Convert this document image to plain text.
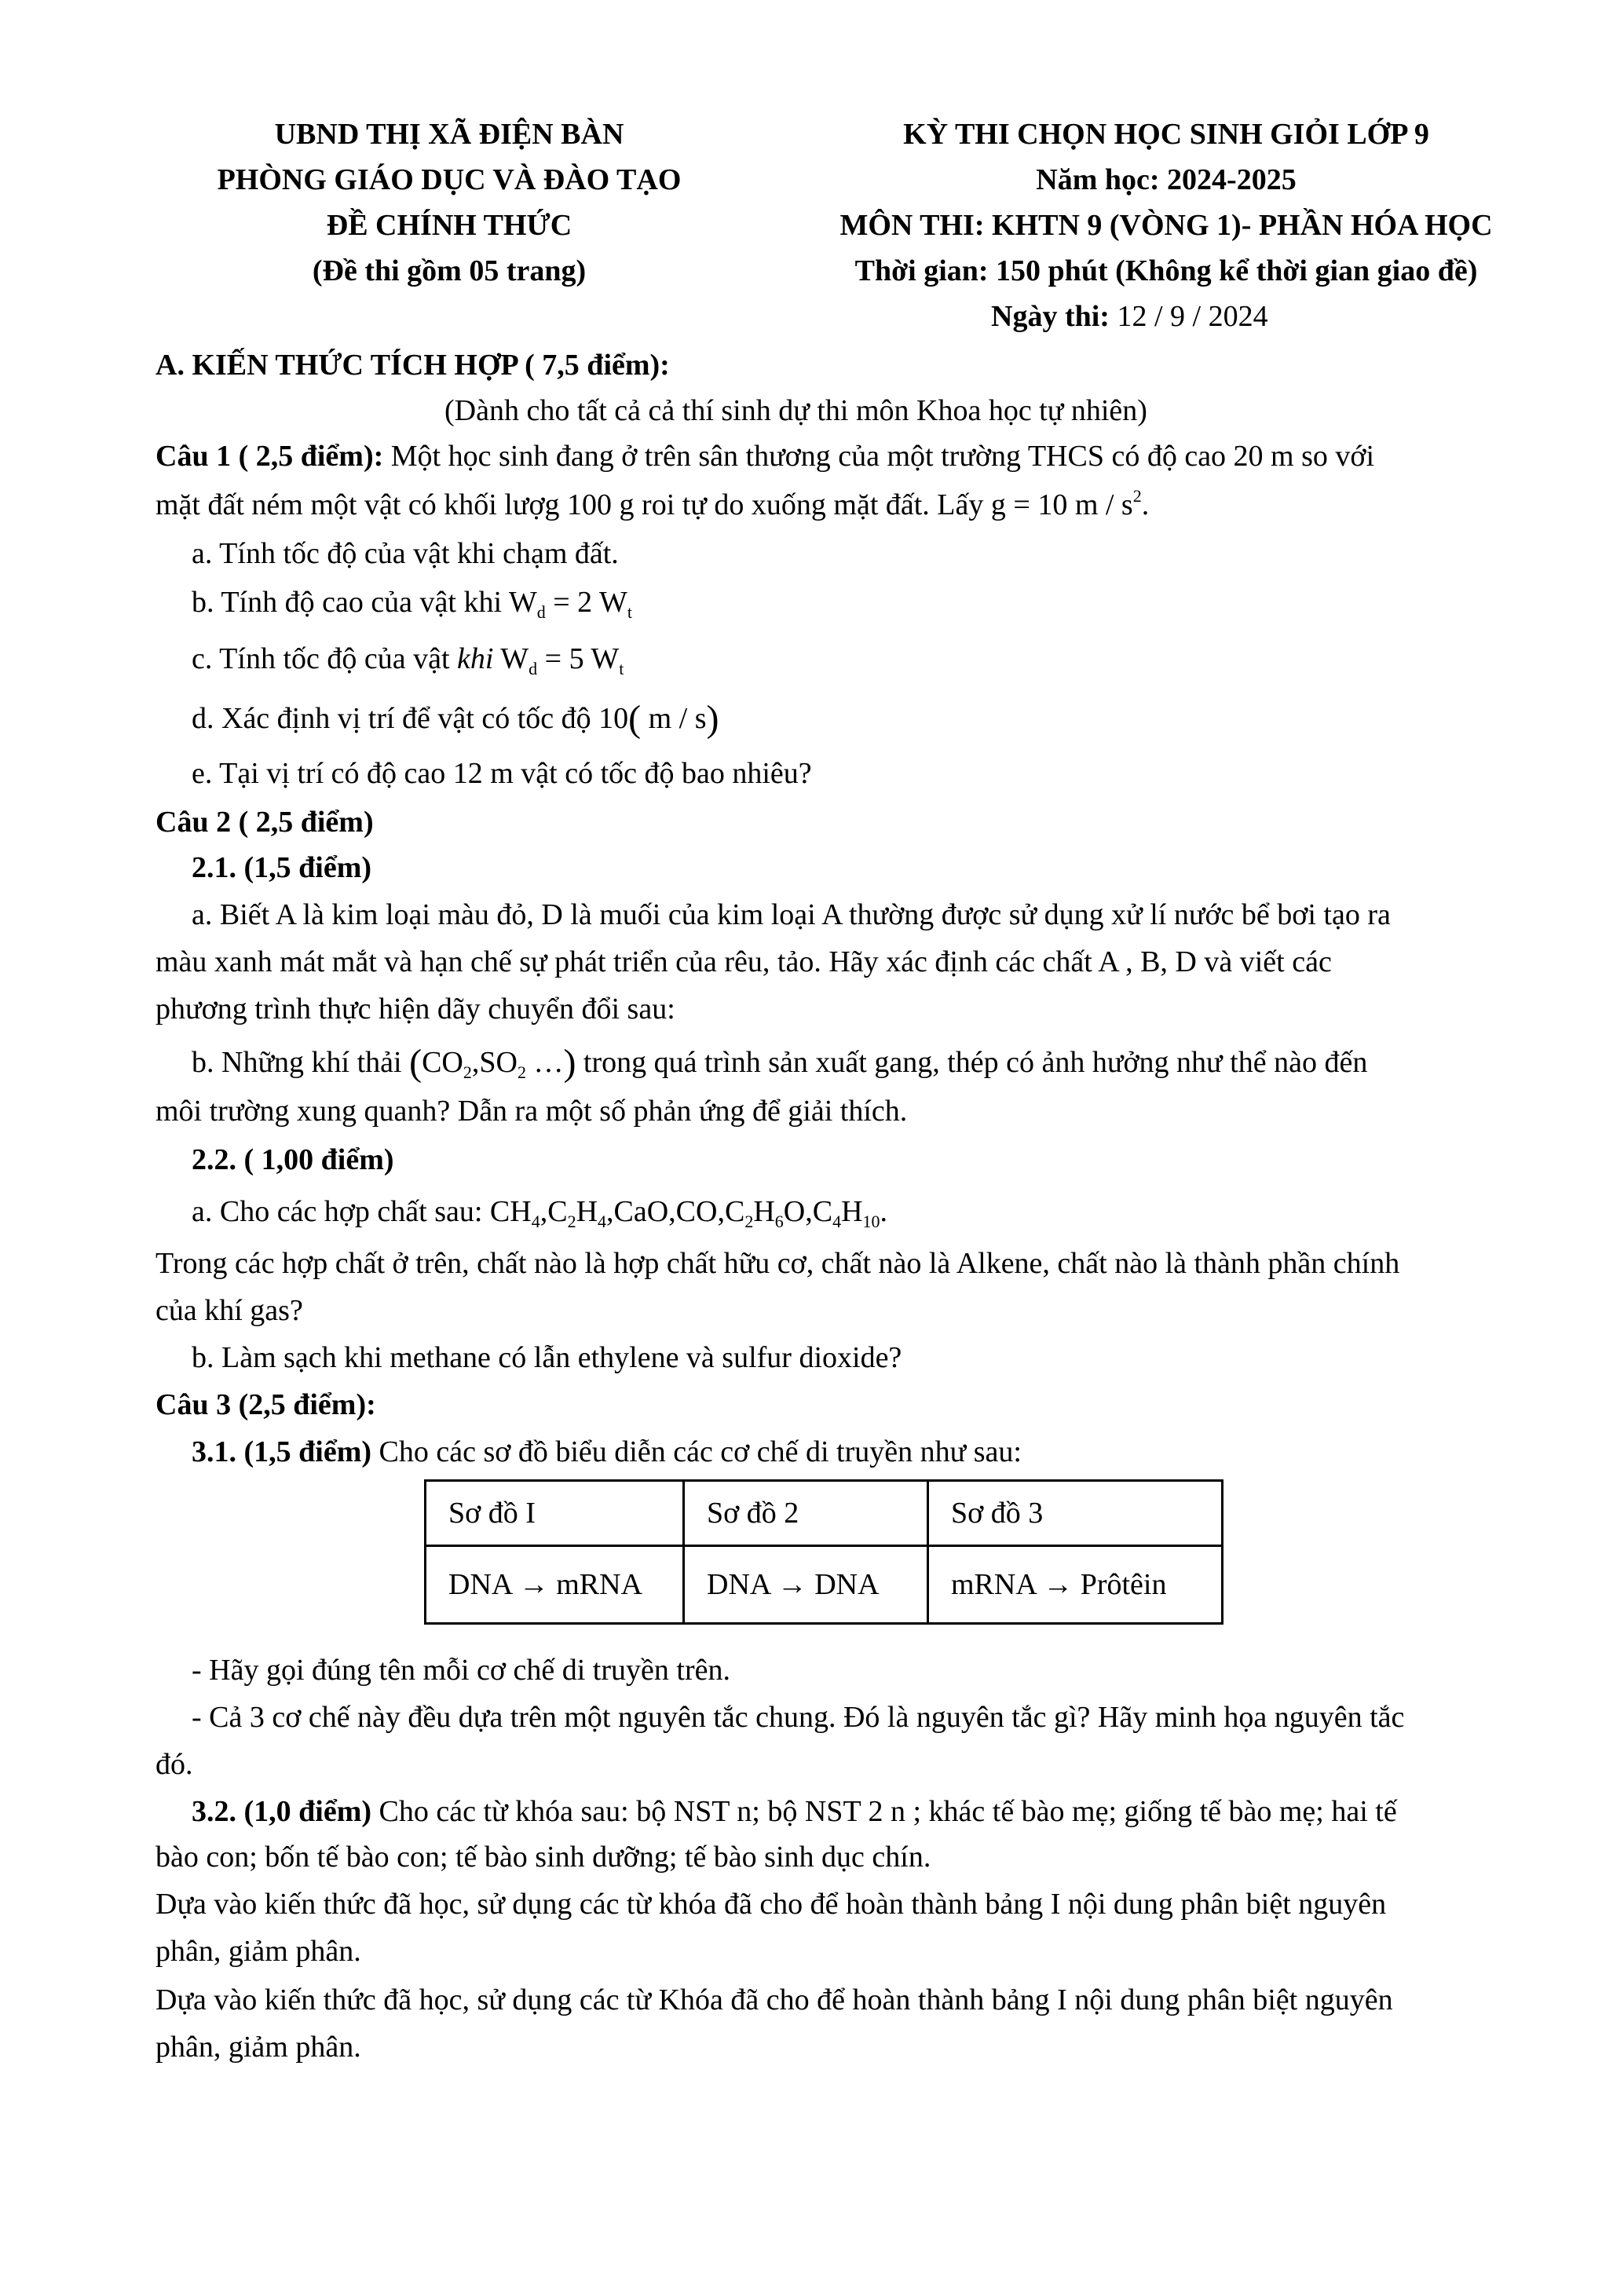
UBND THỊ XÃ ĐIỆN BÀN
PHÒNG GIÁO DỤC VÀ ĐÀO TẠO
ĐỀ CHÍNH THỨC
(Đề thi gồm 05 trang)
KỲ THI CHỌN HỌC SINH GIỎI LỚP 9
Năm học: 2024-2025
MÔN THI: KHTN 9 (VÒNG 1)- PHẦN HÓA HỌC
Thời gian: 150 phút (Không kể thời gian giao đề)
Ngày thi: 12 / 9 / 2024
A. KIẾN THỨC TÍCH HỢP ( 7,5 điểm):
(Dành cho tất cả cả thí sinh dự thi môn Khoa học tự nhiên)
Câu 1 ( 2,5 điểm): Một học sinh đang ở trên sân thương của một trường THCS có độ cao 20 m so với
mặt đất ném một vật có khối lượg 100 g roi tự do xuống mặt đất. Lấy g = 10 m / $s^2$.
a. Tính tốc độ của vật khi chạm đất.
b. Tính độ cao của vật khi $W_d = 2$ $W_t$
c. Tính tốc độ của vật khi $W_d = 5$ $W_t$
d. Xác định vị trí để vật có tốc độ 10( m / s)
e. Tại vị trí có độ cao 12 m vật có tốc độ bao nhiêu?
Câu 2 ( 2,5 điểm)
2.1. (1,5 điểm)
a. Biết A là kim loại màu đỏ, D là muối của kim loại A thường được sử dụng xử lí nước bể bơi tạo ra
màu xanh mát mắt và hạn chế sự phát triển của rêu, tảo. Hãy xác định các chất A , B, D và viết các
phương trình thực hiện dãy chuyển đổi sau:
b. Những khí thải ($CO_2,SO_2$ …) trong quá trình sản xuất gang, thép có ảnh hưởng như thể nào đến
môi trường xung quanh? Dẫn ra một số phản ứng để giải thích.
2.2. ( 1,00 điểm)
a. Cho các hợp chất sau: $CH_4,C_2H_4,CaO,CO,C_2H_6O,C_4H_{10}$.
Trong các hợp chất ở trên, chất nào là hợp chất hữu cơ, chất nào là Alkene, chất nào là thành phần chính
của khí gas?
b. Làm sạch khi methane có lẫn ethylene và sulfur dioxide?
Câu 3 (2,5 điểm):
3.1. (1,5 điểm) Cho các sơ đồ biểu diễn các cơ chế di truyền như sau:
Sơ đồ I	Sơ đồ 2	Sơ đồ 3
DNA → mRNA	DNA → DNA	mRNA → Prôtêin
- Hãy gọi đúng tên mỗi cơ chế di truyền trên.
- Cả 3 cơ chế này đều dựa trên một nguyên tắc chung. Đó là nguyên tắc gì? Hãy minh họa nguyên tắc
đó.
3.2. (1,0 điểm) Cho các từ khóa sau: bộ NST n; bộ NST 2 n ; khác tế bào mẹ; giống tế bào mẹ; hai tế
bào con; bốn tế bào con; tế bào sinh dưỡng; tế bào sinh dục chín.
Dựa vào kiến thức đã học, sử dụng các từ khóa đã cho để hoàn thành bảng I nội dung phân biệt nguyên
phân, giảm phân.
Dựa vào kiến thức đã học, sử dụng các từ Khóa đã cho để hoàn thành bảng I nội dung phân biệt nguyên
phân, giảm phân.
